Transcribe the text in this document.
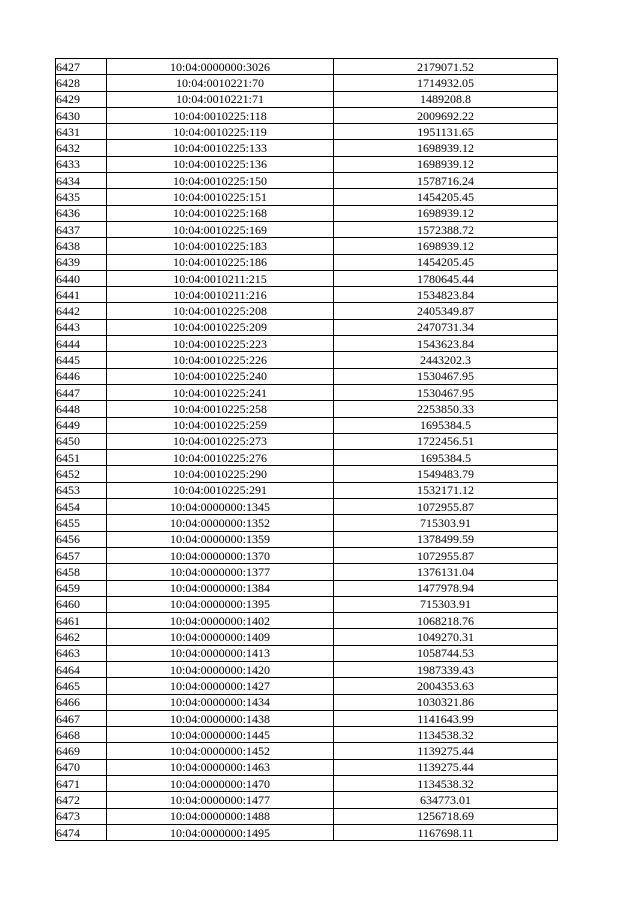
6427	10:04:0000000:3026	2179071.52
6428	10:04:0010221:70	1714932.05
6429	10:04:0010221:71	1489208.8
6430	10:04:0010225:118	2009692.22
6431	10:04:0010225:119	1951131.65
6432	10:04:0010225:133	1698939.12
6433	10:04:0010225:136	1698939.12
6434	10:04:0010225:150	1578716.24
6435	10:04:0010225:151	1454205.45
6436	10:04:0010225:168	1698939.12
6437	10:04:0010225:169	1572388.72
6438	10:04:0010225:183	1698939.12
6439	10:04:0010225:186	1454205.45
6440	10:04:0010211:215	1780645.44
6441	10:04:0010211:216	1534823.84
6442	10:04:0010225:208	2405349.87
6443	10:04:0010225:209	2470731.34
6444	10:04:0010225:223	1543623.84
6445	10:04:0010225:226	2443202.3
6446	10:04:0010225:240	1530467.95
6447	10:04:0010225:241	1530467.95
6448	10:04:0010225:258	2253850.33
6449	10:04:0010225:259	1695384.5
6450	10:04:0010225:273	1722456.51
6451	10:04:0010225:276	1695384.5
6452	10:04:0010225:290	1549483.79
6453	10:04:0010225:291	1532171.12
6454	10:04:0000000:1345	1072955.87
6455	10:04:0000000:1352	715303.91
6456	10:04:0000000:1359	1378499.59
6457	10:04:0000000:1370	1072955.87
6458	10:04:0000000:1377	1376131.04
6459	10:04:0000000:1384	1477978.94
6460	10:04:0000000:1395	715303.91
6461	10:04:0000000:1402	1068218.76
6462	10:04:0000000:1409	1049270.31
6463	10:04:0000000:1413	1058744.53
6464	10:04:0000000:1420	1987339.43
6465	10:04:0000000:1427	2004353.63
6466	10:04:0000000:1434	1030321.86
6467	10:04:0000000:1438	1141643.99
6468	10:04:0000000:1445	1134538.32
6469	10:04:0000000:1452	1139275.44
6470	10:04:0000000:1463	1139275.44
6471	10:04:0000000:1470	1134538.32
6472	10:04:0000000:1477	634773.01
6473	10:04:0000000:1488	1256718.69
6474	10:04:0000000:1495	1167698.11
